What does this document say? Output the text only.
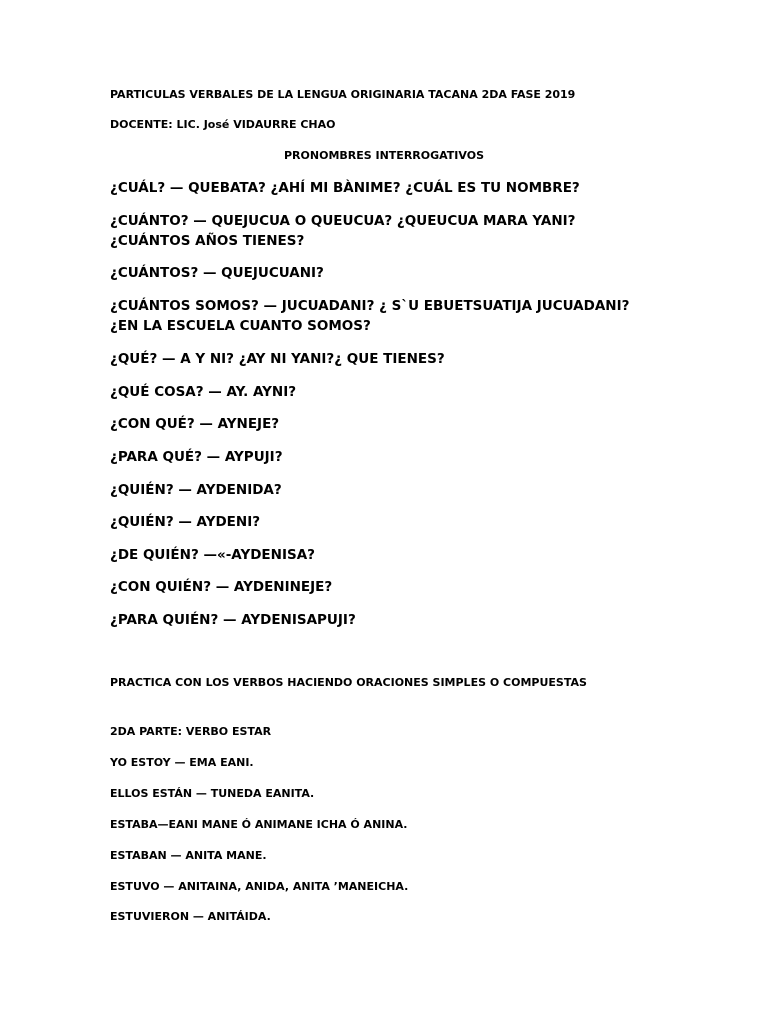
PARTICULAS VERBALES DE LA LENGUA ORIGINARIA TACANA 2DA FASE 2019

DOCENTE: LIC. José VIDAURRE CHAO

PRONOMBRES INTERROGATIVOS

¿CUÁL? — QUEBATA? ¿AHÍ MI BÀNIME? ¿CUÁL ES TU NOMBRE?

¿CUÁNTO? — QUEJUCUA O QUEUCUA? ¿QUEUCUA MARA YANI? ¿CUÁNTOS AÑOS TIENES?

¿CUÁNTOS? — QUEJUCUANI?

¿CUÁNTOS SOMOS? — JUCUADANI? ¿ S`U EBUETSUATIJA JUCUADANI?¿EN LA ESCUELA CUANTO SOMOS?

¿QUÉ? — A Y NI? ¿AY NI YANI?¿ QUE TIENES?

¿QUÉ COSA? — AY. AYNI?

¿CON QUÉ? — AYNEJE?

¿PARA QUÉ? — AYPUJI?

¿QUIÉN? — AYDENIDA?

¿QUIÉN? — AYDENI?

¿DE QUIÉN? —«-AYDENISA?

¿CON QUIÉN? — AYDENINEJE?

¿PARA QUIÉN? — AYDENISAPUJI?

PRACTICA CON LOS VERBOS HACIENDO ORACIONES SIMPLES O COMPUESTAS

2DA PARTE: VERBO ESTAR

YO ESTOY — EMA EANI.

ELLOS ESTÁN — TUNEDA EANITA.

ESTABA—EANI MANE Ó ANIMANE ICHA Ó ANINA.

ESTABAN — ANITA MANE.

ESTUVO — ANITAINA, ANIDA, ANITA ’MANEICHA.

ESTUVIERON — ANITÁIDA.
